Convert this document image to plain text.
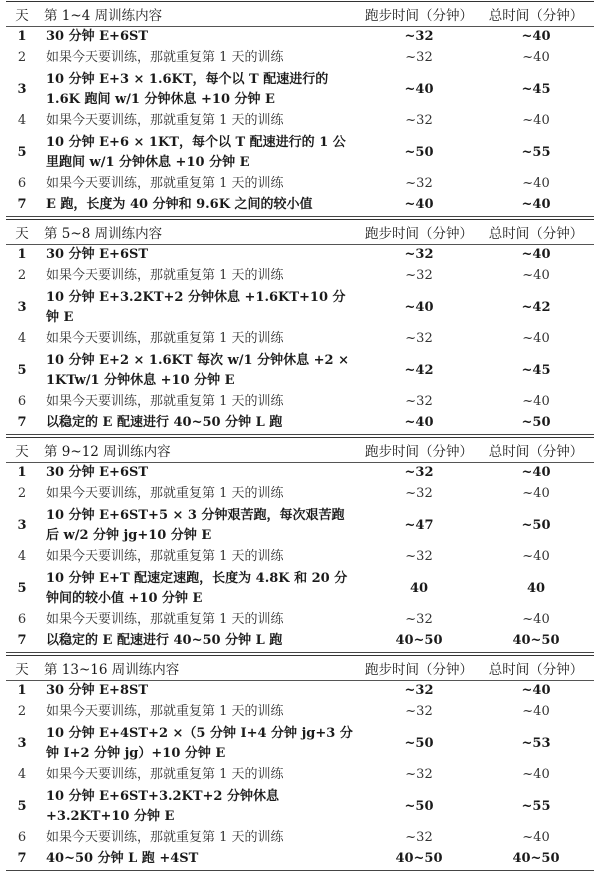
天	第 1~4 周训练内容	跑步时间（分钟）	总时间（分钟）
1	30 分钟 E+6ST	~32	~40
2	如果今天要训练，那就重复第 1 天的训练	~32	~40
3	10 分钟 E+3 × 1.6KT，每个以 T 配速进行的 1.6K 跑间 w/1 分钟休息 +10 分钟 E	~40	~45
4	如果今天要训练，那就重复第 1 天的训练	~32	~40
5	10 分钟 E+6 × 1KT，每个以 T 配速进行的 1 公里跑间 w/1 分钟休息 +10 分钟 E	~50	~55
6	如果今天要训练，那就重复第 1 天的训练	~32	~40
7	E 跑，长度为 40 分钟和 9.6K 之间的较小值	~40	~40

天	第 5~8 周训练内容	跑步时间（分钟）	总时间（分钟）
1	30 分钟 E+6ST	~32	~40
2	如果今天要训练，那就重复第 1 天的训练	~32	~40
3	10 分钟 E+3.2KT+2 分钟休息 +1.6KT+10 分钟 E	~40	~42
4	如果今天要训练，那就重复第 1 天的训练	~32	~40
5	10 分钟 E+2 × 1.6KT 每次 w/1 分钟休息 +2 × 1KTw/1 分钟休息 +10 分钟 E	~42	~45
6	如果今天要训练，那就重复第 1 天的训练	~32	~40
7	以稳定的 E 配速进行 40~50 分钟 L 跑	~40	~50

天	第 9~12 周训练内容	跑步时间（分钟）	总时间（分钟）
1	30 分钟 E+6ST	~32	~40
2	如果今天要训练，那就重复第 1 天的训练	~32	~40
3	10 分钟 E+6ST+5 × 3 分钟艰苦跑，每次艰苦跑后 w/2 分钟 jg+10 分钟 E	~47	~50
4	如果今天要训练，那就重复第 1 天的训练	~32	~40
5	10 分钟 E+T 配速定速跑，长度为 4.8K 和 20 分钟间的较小值 +10 分钟 E	40	40
6	如果今天要训练，那就重复第 1 天的训练	~32	~40
7	以稳定的 E 配速进行 40~50 分钟 L 跑	40~50	40~50

天	第 13~16 周训练内容	跑步时间（分钟）	总时间（分钟）
1	30 分钟 E+8ST	~32	~40
2	如果今天要训练，那就重复第 1 天的训练	~32	~40
3	10 分钟 E+4ST+2 ×（5 分钟 I+4 分钟 jg+3 分钟 I+2 分钟 jg）+10 分钟 E	~50	~53
4	如果今天要训练，那就重复第 1 天的训练	~32	~40
5	10 分钟 E+6ST+3.2KT+2 分钟休息 +3.2KT+10 分钟 E	~50	~55
6	如果今天要训练，那就重复第 1 天的训练	~32	~40
7	40~50 分钟 L 跑 +4ST	40~50	40~50
